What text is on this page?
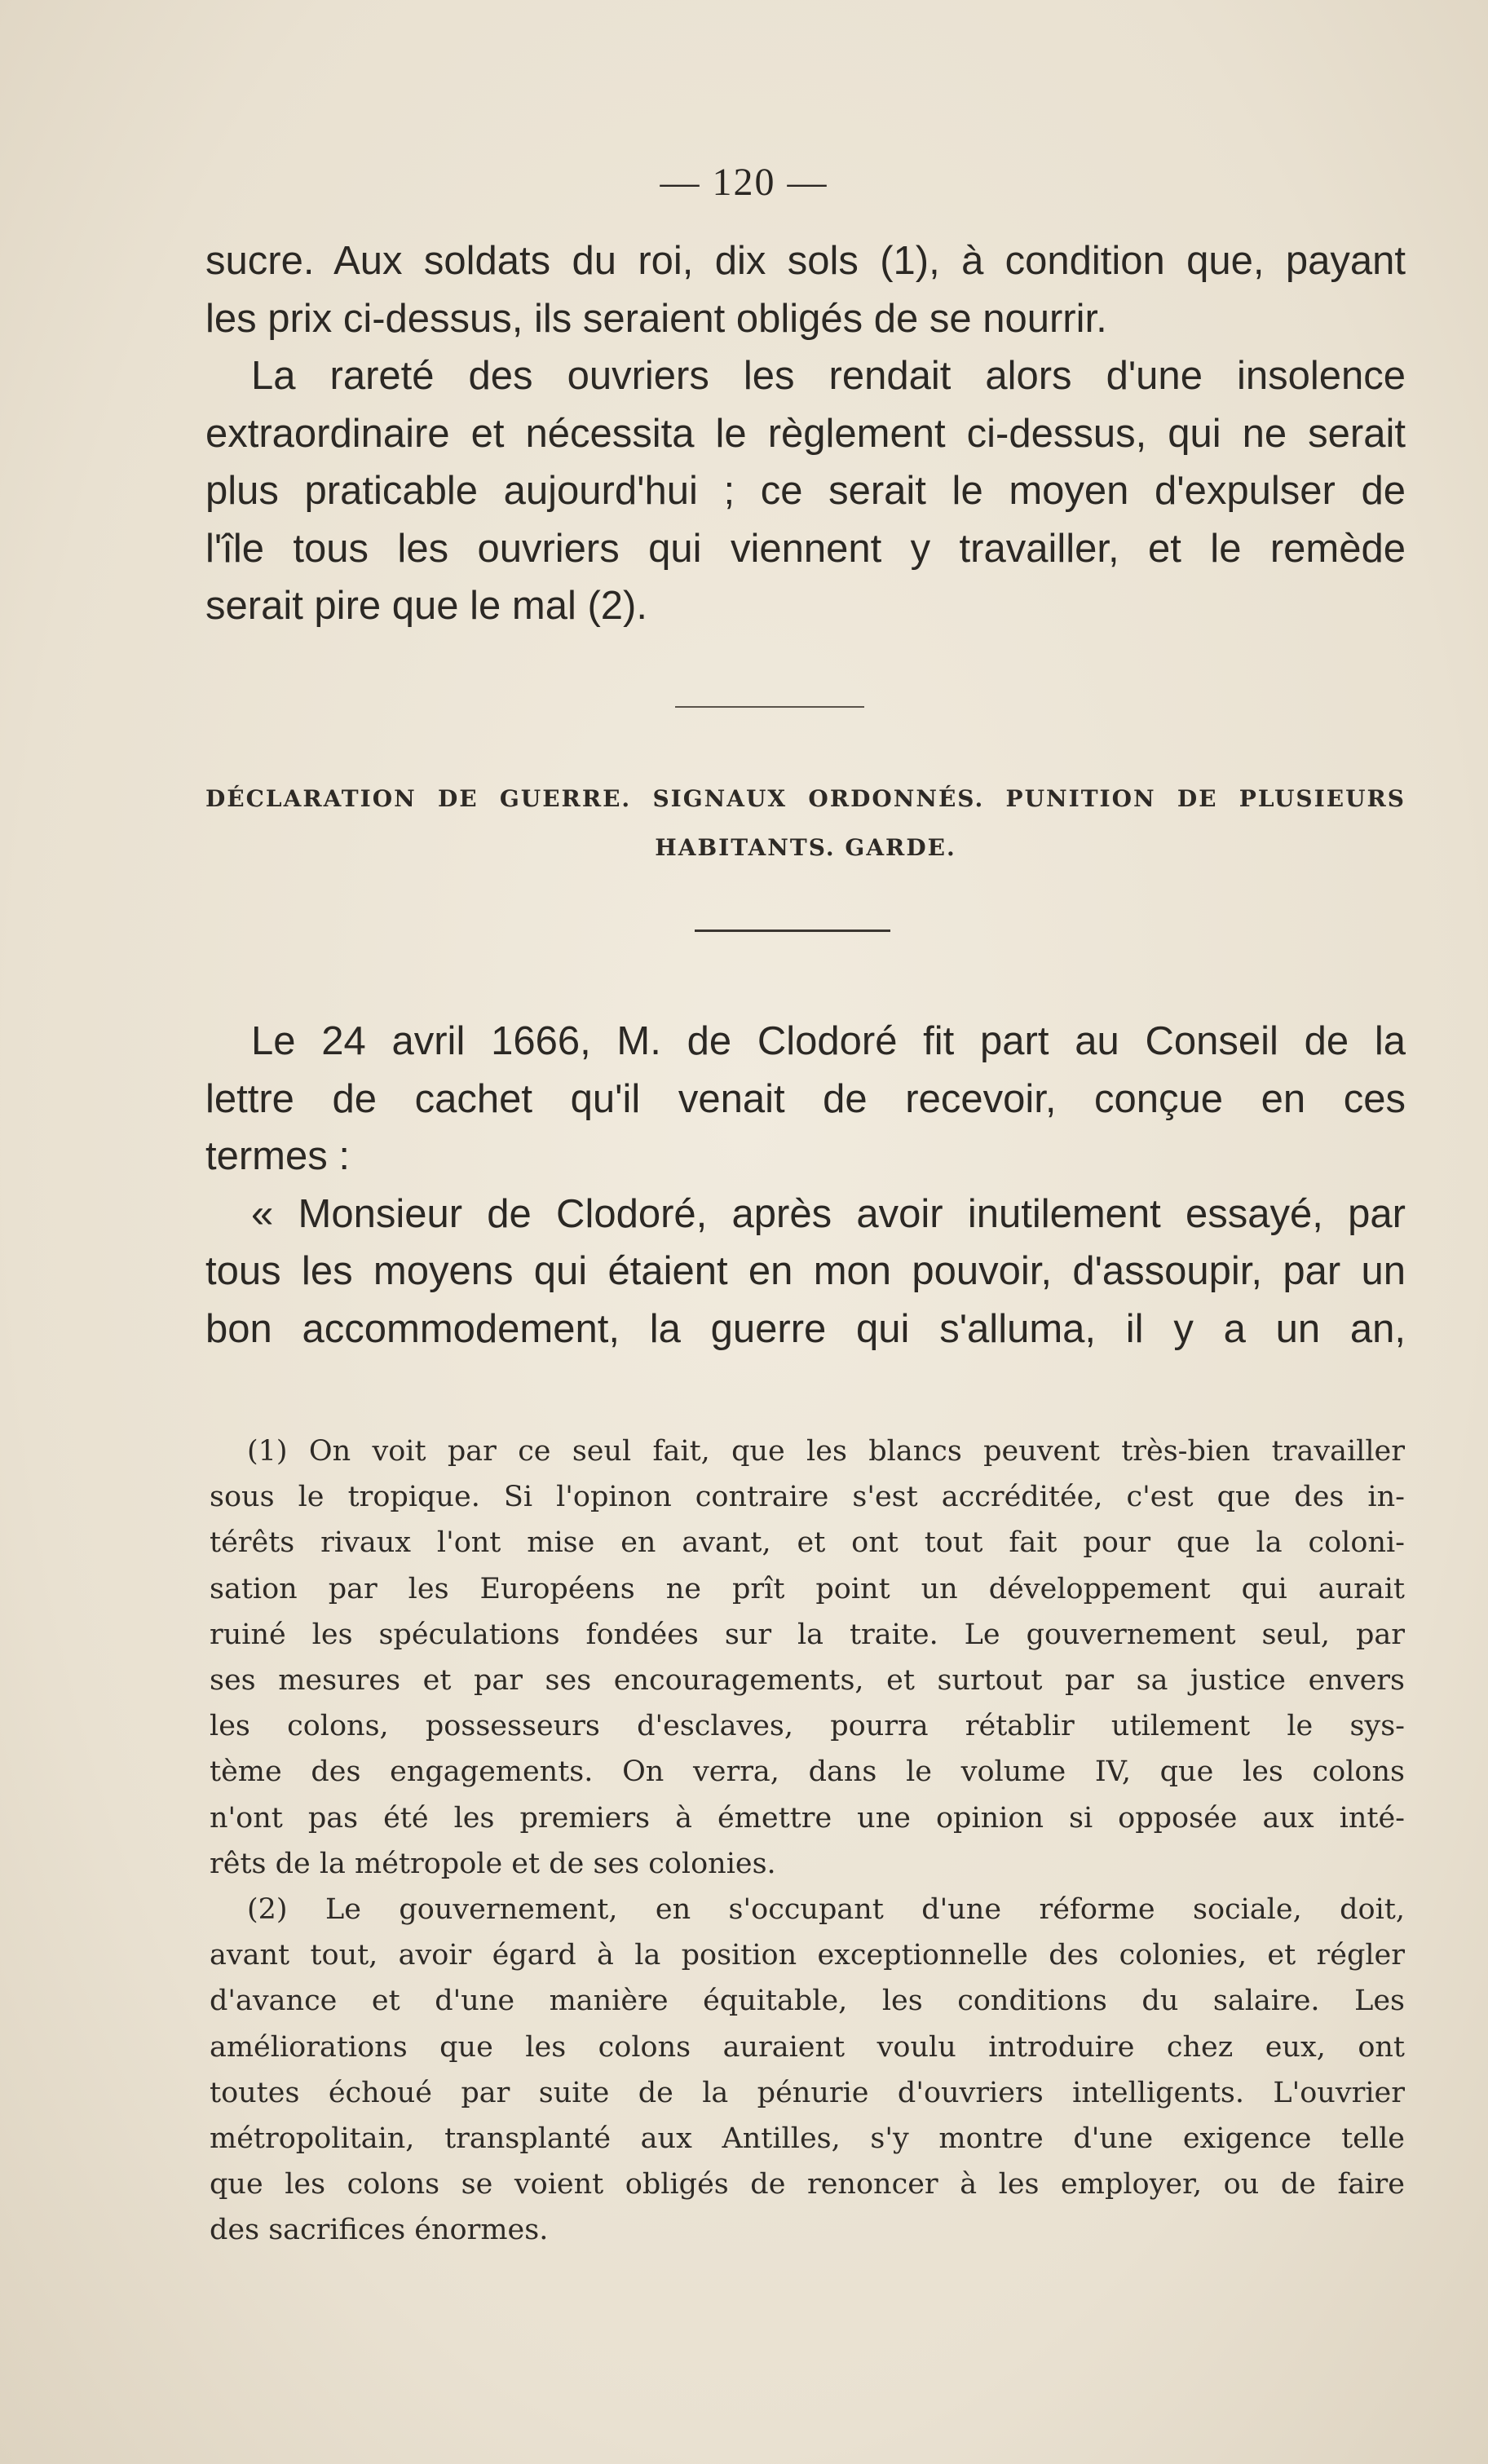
— 120 —

sucre. Aux soldats du roi, dix sols (1), à condition que, payant

les prix ci-dessus, ils seraient obligés de se nourrir.

La rareté des ouvriers les rendait alors d'une insolence

extraordinaire et nécessita le règlement ci-dessus, qui ne serait

plus praticable aujourd'hui ; ce serait le moyen d'expulser de

l'île tous les ouvriers qui viennent y travailler, et le remède

serait pire que le mal (2).

DÉCLARATION DE GUERRE. SIGNAUX ORDONNÉS. PUNITION DE PLUSIEURS
HABITANTS. GARDE.

Le 24 avril 1666, M. de Clodoré fit part au Conseil de la

lettre de cachet qu'il venait de recevoir, conçue en ces

termes :

« Monsieur de Clodoré, après avoir inutilement essayé, par

tous les moyens qui étaient en mon pouvoir, d'assoupir, par un

bon accommodement, la guerre qui s'alluma, il y a un an,

(1) On voit par ce seul fait, que les blancs peuvent très-bien travailler

sous le tropique. Si l'opinon contraire s'est accréditée, c'est que des in-

térêts rivaux l'ont mise en avant, et ont tout fait pour que la coloni-

sation par les Européens ne prît point un développement qui aurait

ruiné les spéculations fondées sur la traite. Le gouvernement seul, par

ses mesures et par ses encouragements, et surtout par sa justice envers

les colons, possesseurs d'esclaves, pourra rétablir utilement le sys-

tème des engagements. On verra, dans le volume IV, que les colons

n'ont pas été les premiers à émettre une opinion si opposée aux inté-

rêts de la métropole et de ses colonies.

(2) Le gouvernement, en s'occupant d'une réforme sociale, doit,

avant tout, avoir égard à la position exceptionnelle des colonies, et régler

d'avance et d'une manière équitable, les conditions du salaire. Les

améliorations que les colons auraient voulu introduire chez eux, ont

toutes échoué par suite de la pénurie d'ouvriers intelligents. L'ouvrier

métropolitain, transplanté aux Antilles, s'y montre d'une exigence telle

que les colons se voient obligés de renoncer à les employer, ou de faire

des sacrifices énormes.
